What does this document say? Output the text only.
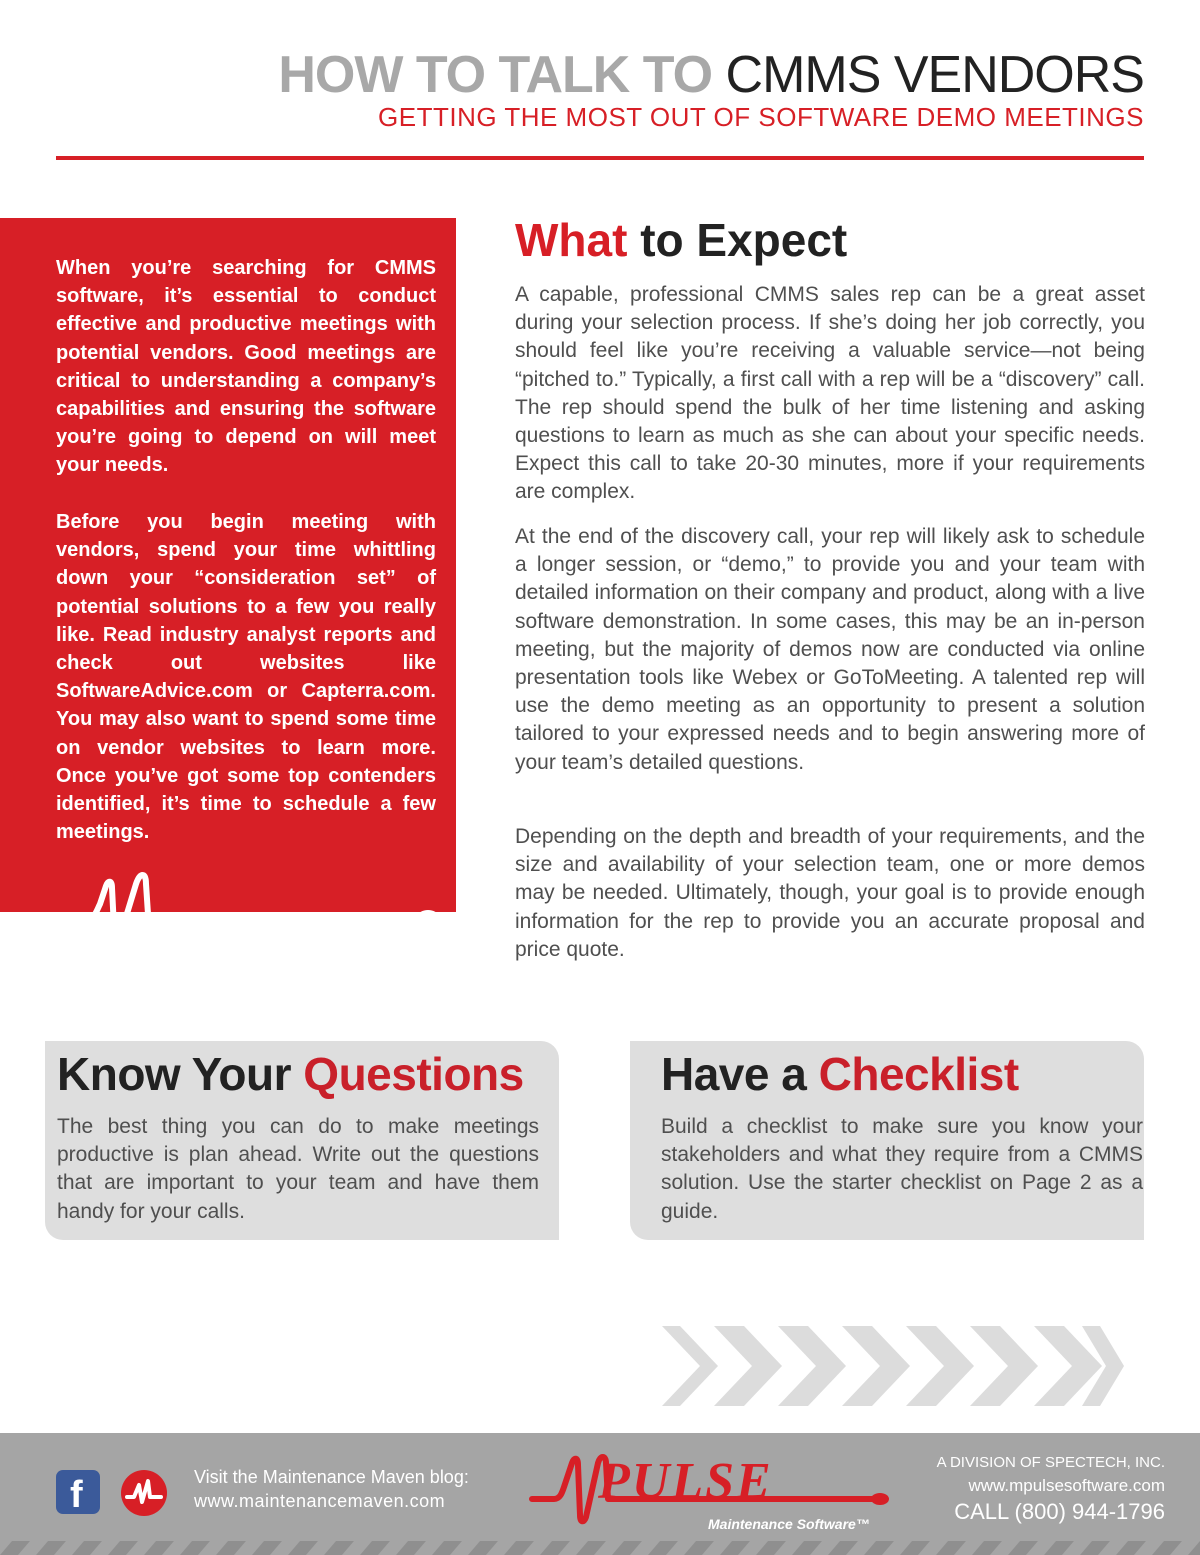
HOW TO TALK TO CMMS VENDORS
GETTING THE MOST OUT OF SOFTWARE DEMO MEETINGS

When you’re searching for CMMS software, it’s essential to conduct effective and productive meetings with potential vendors. Good meetings are critical to understanding a company’s capabilities and ensuring the software you’re going to depend on will meet your needs.

Before you begin meeting with vendors, spend your time whittling down your “consideration set” of potential solutions to a few you really like. Read industry analyst reports and check out websites like SoftwareAdvice.com or Capterra.com. You may also want to spend some time on vendor websites to learn more. Once you’ve got some top contenders identified, it’s time to schedule a few meetings.

What to Expect

A capable, professional CMMS sales rep can be a great asset during your selection process. If she’s doing her job correctly, you should feel like you’re receiving a valuable service—not being “pitched to.” Typically, a first call with a rep will be a “discovery” call. The rep should spend the bulk of her time listening and asking questions to learn as much as she can about your specific needs. Expect this call to take 20-30 minutes, more if your requirements are complex.

At the end of the discovery call, your rep will likely ask to schedule a longer session, or “demo,” to provide you and your team with detailed information on their company and product, along with a live software demonstration. In some cases, this may be an in-person meeting, but the majority of demos now are conducted via online presentation tools like Webex or GoToMeeting. A talented rep will use the demo meeting as an opportunity to present a solution tailored to your expressed needs and to begin answering more of your team’s detailed questions.

Depending on the depth and breadth of your requirements, and the size and availability of your selection team, one or more demos may be needed. Ultimately, though, your goal is to provide enough information for the rep to provide you an accurate proposal and price quote.

Know Your Questions

The best thing you can do to make meetings productive is plan ahead. Write out the questions that are important to your team and have them handy for your calls.

Have a Checklist

Build a checklist to make sure you know your stakeholders and what they require from a CMMS solution. Use the starter checklist on Page 2 as a guide.

f	Visit the Maintenance Maven blog:
www.maintenancemaven.com	PULSE
Maintenance Software™
A DIVISION OF SPECTECH, INC.
www.mpulsesoftware.com
CALL (800) 944-1796
